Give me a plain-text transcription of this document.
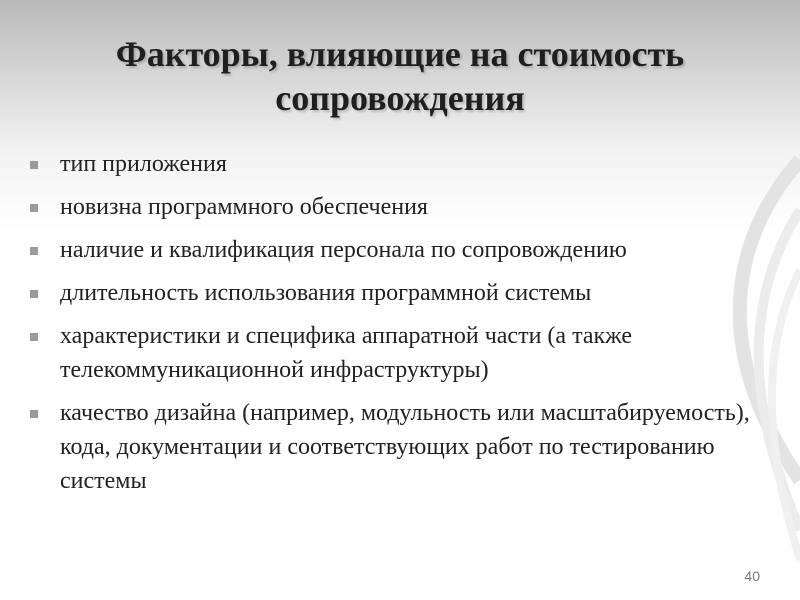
Факторы, влияющие на стоимость сопровождения
тип приложения
новизна программного обеспечения
наличие и квалификация персонала по сопровождению
длительность использования программной системы
характеристики и специфика аппаратной части (а также телекоммуникационной инфраструктуры)
качество дизайна (например, модульность или масштабируемость), кода, документации и соответствующих работ по тестированию системы
40
